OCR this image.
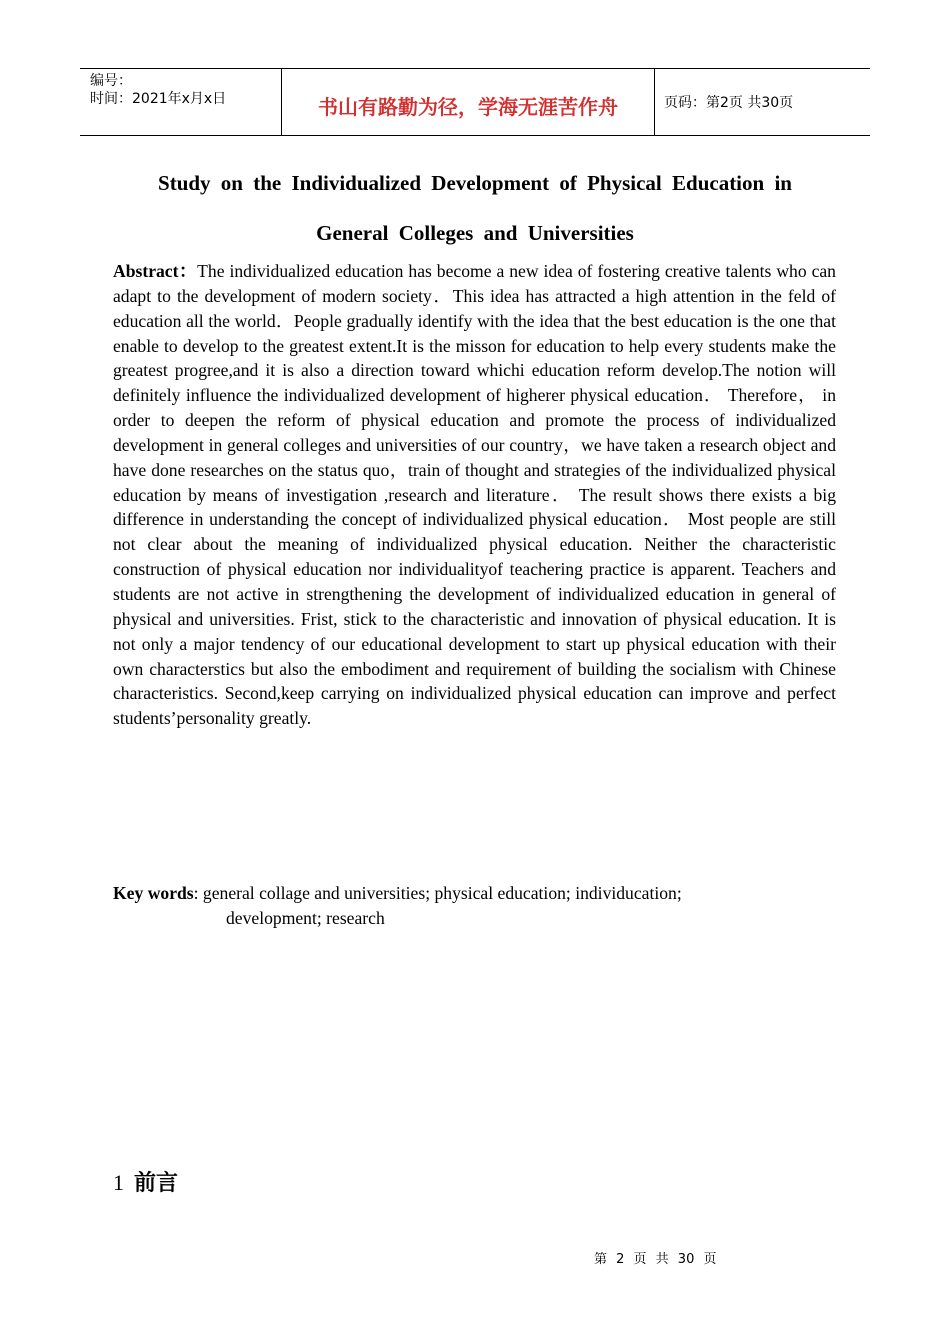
编号：
时间：2021年x月x日	书山有路勤为径，学海无涯苦作舟	页码：第2页 共30页
Study on the Individualized Development of Physical Education in
General Colleges and Universities

Abstract：The individualized education has become a new idea of fostering creative talents who can adapt to the development of modern society．This idea has attracted a high attention in the feld of education all the world．People gradually identify with the idea that the best education is the one that enable to develop to the greatest extent.It is the misson for education to help every students make the greatest progree,and it is also a direction toward whichi education reform develop.The notion will definitely influence the individualized development of higherer physical education． Therefore， in order to deepen the reform of physical education and promote the process of individualized development in general colleges and universities of our country，we have taken a research object and have done researches on the status quo，train of thought and strategies of the individualized physical education by means of investigation ,research and literature． The result shows there exists a big difference in understanding the concept of individualized physical education． Most people are still not clear about the meaning of individualized physical education. Neither the characteristic construction of physical education nor individualityof teachering practice is apparent. Teachers and students are not active in strengthening the development of individualized education in general of physical and universities. Frist, stick to the characteristic and innovation of physical education. It is not only a major tendency of our educational development to start up physical education with their own characterstics but also the embodiment and requirement of building the socialism with Chinese characteristics. Second,keep carrying on individualized physical education can improve and perfect students’personality greatly.

Key words: general collage and universities; physical education; individucation;
development; research
1 前言
第 2 页 共 30 页
